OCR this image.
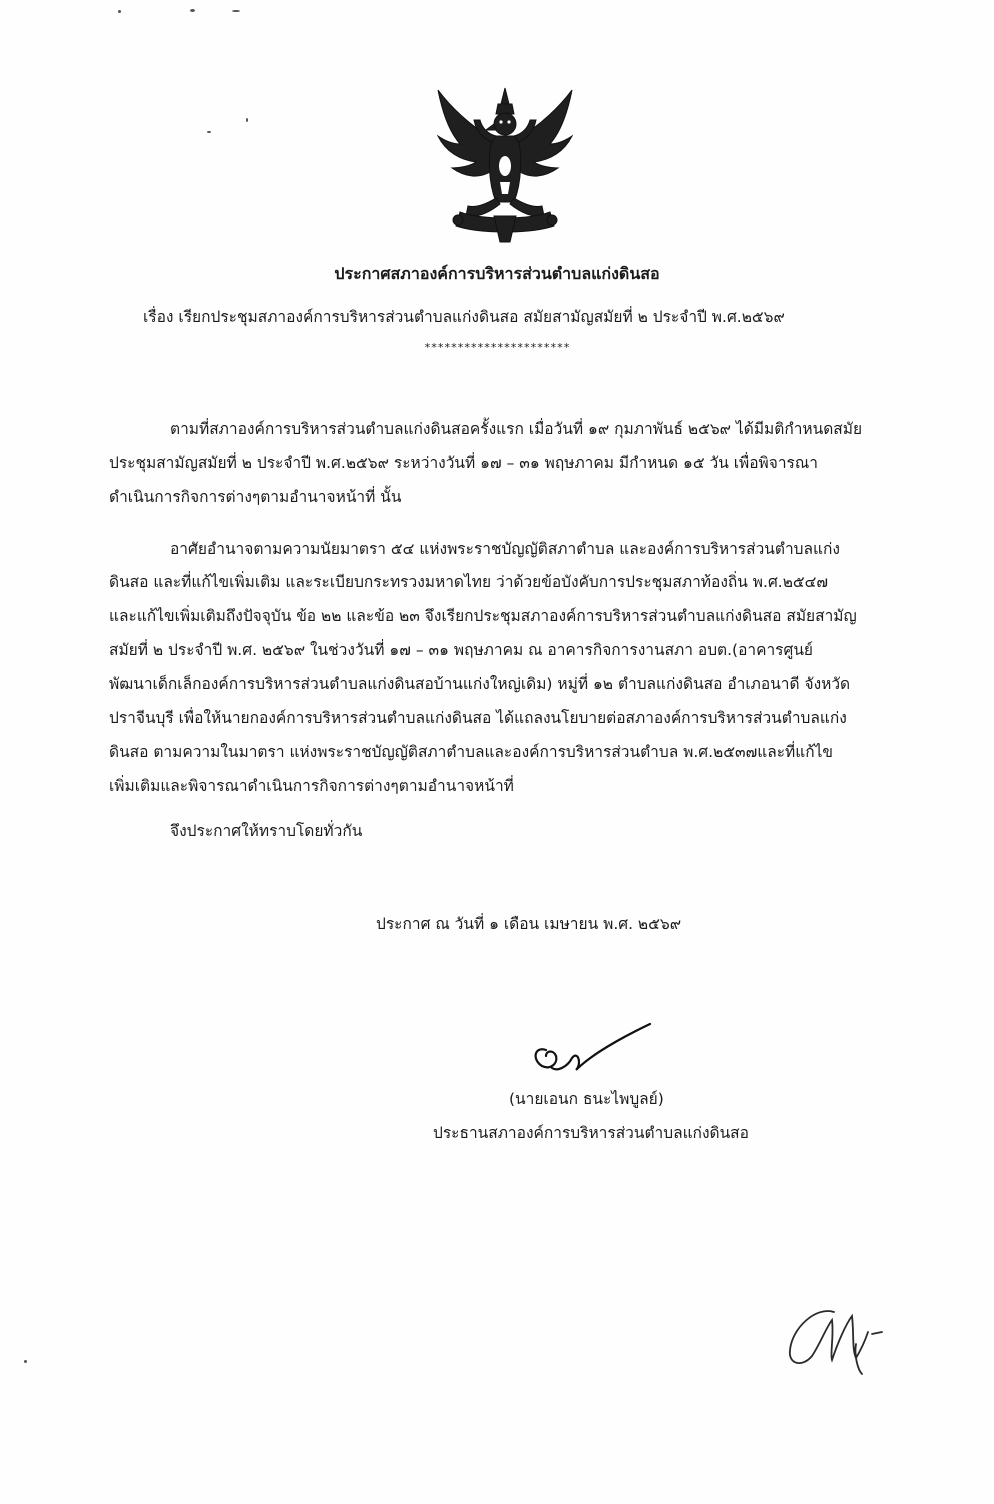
ประกาศสภาองค์การบริหารส่วนตำบลแก่งดินสอ
เรื่อง เรียกประชุมสภาองค์การบริหารส่วนตำบลแก่งดินสอ สมัยสามัญสมัยที่ ๒ ประจำปี พ.ศ.๒๕๖๙
**********************
ตามที่สภาองค์การบริหารส่วนตำบลแก่งดินสอครั้งแรก เมื่อวันที่ ๑๙ กุมภาพันธ์ ๒๕๖๙ ได้มีมติกำหนดสมัย
ประชุมสามัญสมัยที่ ๒ ประจำปี พ.ศ.๒๕๖๙ ระหว่างวันที่ ๑๗ – ๓๑ พฤษภาคม มีกำหนด ๑๕ วัน เพื่อพิจารณา
ดำเนินการกิจการต่างๆตามอำนาจหน้าที่ นั้น
อาศัยอำนาจตามความนัยมาตรา ๕๔ แห่งพระราชบัญญัติสภาตำบล และองค์การบริหารส่วนตำบลแก่ง
ดินสอ และที่แก้ไขเพิ่มเติม และระเบียบกระทรวงมหาดไทย ว่าด้วยข้อบังคับการประชุมสภาท้องถิ่น พ.ศ.๒๕๔๗
และแก้ไขเพิ่มเติมถึงปัจจุบัน ข้อ ๒๒ และข้อ ๒๓ จึงเรียกประชุมสภาองค์การบริหารส่วนตำบลแก่งดินสอ สมัยสามัญ
สมัยที่ ๒ ประจำปี พ.ศ. ๒๕๖๙ ในช่วงวันที่ ๑๗ – ๓๑ พฤษภาคม ณ อาคารกิจการงานสภา อบต.(อาคารศูนย์
พัฒนาเด็กเล็กองค์การบริหารส่วนตำบลแก่งดินสอบ้านแก่งใหญ่เดิม) หมู่ที่ ๑๒ ตำบลแก่งดินสอ อำเภอนาดี จังหวัด
ปราจีนบุรี เพื่อให้นายกองค์การบริหารส่วนตำบลแก่งดินสอ ได้แถลงนโยบายต่อสภาองค์การบริหารส่วนตำบลแก่ง
ดินสอ ตามความในมาตรา แห่งพระราชบัญญัติสภาตำบลและองค์การบริหารส่วนตำบล พ.ศ.๒๕๓๗และที่แก้ไข
เพิ่มเติมและพิจารณาดำเนินการกิจการต่างๆตามอำนาจหน้าที่
จึงประกาศให้ทราบโดยทั่วกัน
ประกาศ ณ วันที่ ๑ เดือน เมษายน พ.ศ. ๒๕๖๙
(นายเอนก ธนะไพบูลย์)
ประธานสภาองค์การบริหารส่วนตำบลแก่งดินสอ
